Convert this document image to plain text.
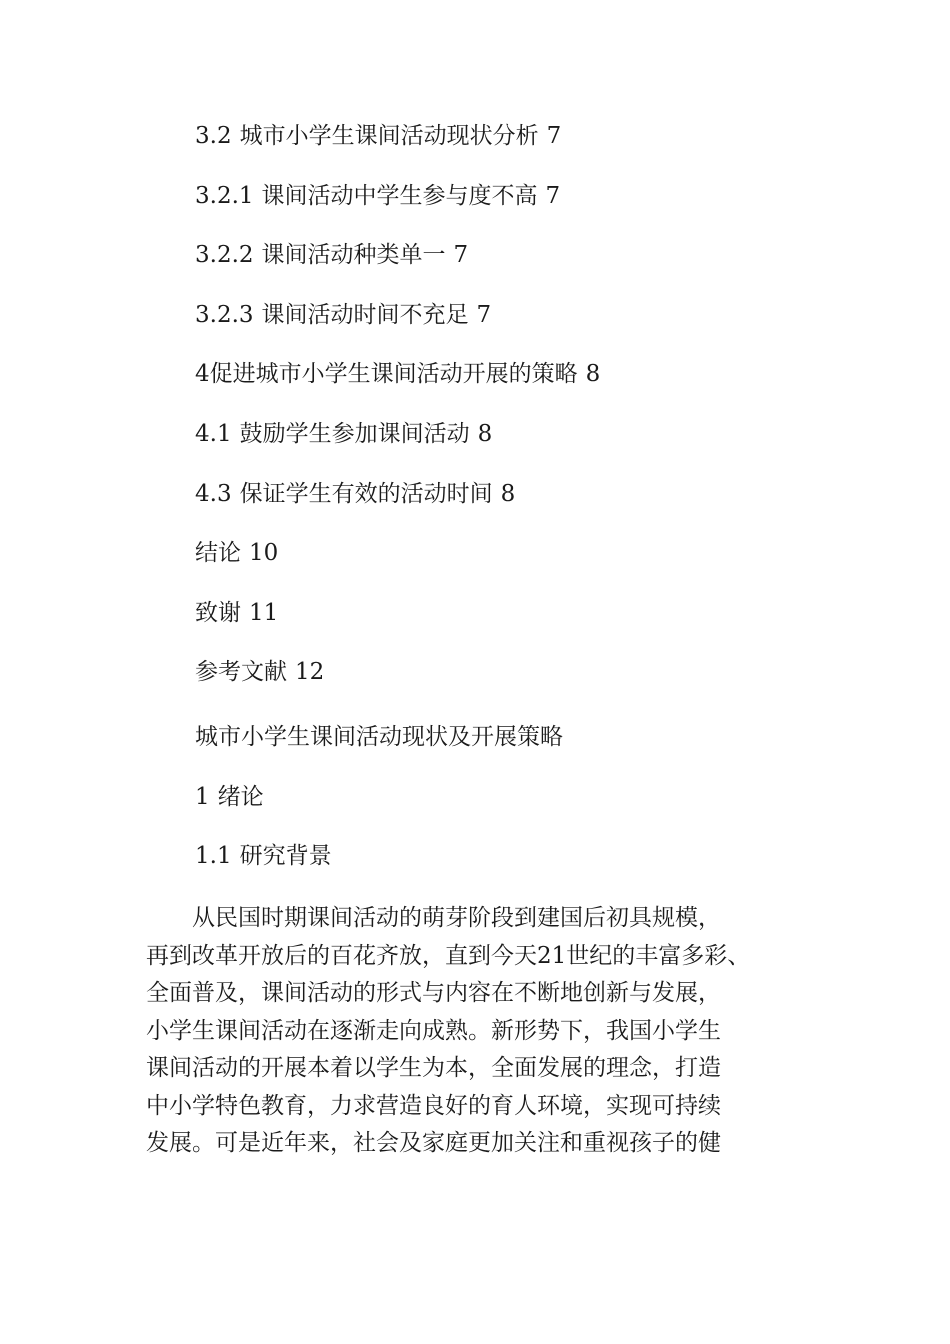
3.2 城市小学生课间活动现状分析 7
3.2.1 课间活动中学生参与度不高 7
3.2.2 课间活动种类单一 7
3.2.3 课间活动时间不充足 7
4促进城市小学生课间活动开展的策略 8
4.1 鼓励学生参加课间活动 8
4.3 保证学生有效的活动时间 8
结论 10
致谢 11
参考文献 12
城市小学生课间活动现状及开展策略
1 绪论
1.1 研究背景
从民国时期课间活动的萌芽阶段到建国后初具规模，
再到改革开放后的百花齐放，直到今天21世纪的丰富多彩、
全面普及，课间活动的形式与内容在不断地创新与发展，
小学生课间活动在逐渐走向成熟。新形势下，我国小学生
课间活动的开展本着以学生为本，全面发展的理念，打造
中小学特色教育，力求营造良好的育人环境，实现可持续
发展。可是近年来，社会及家庭更加关注和重视孩子的健
